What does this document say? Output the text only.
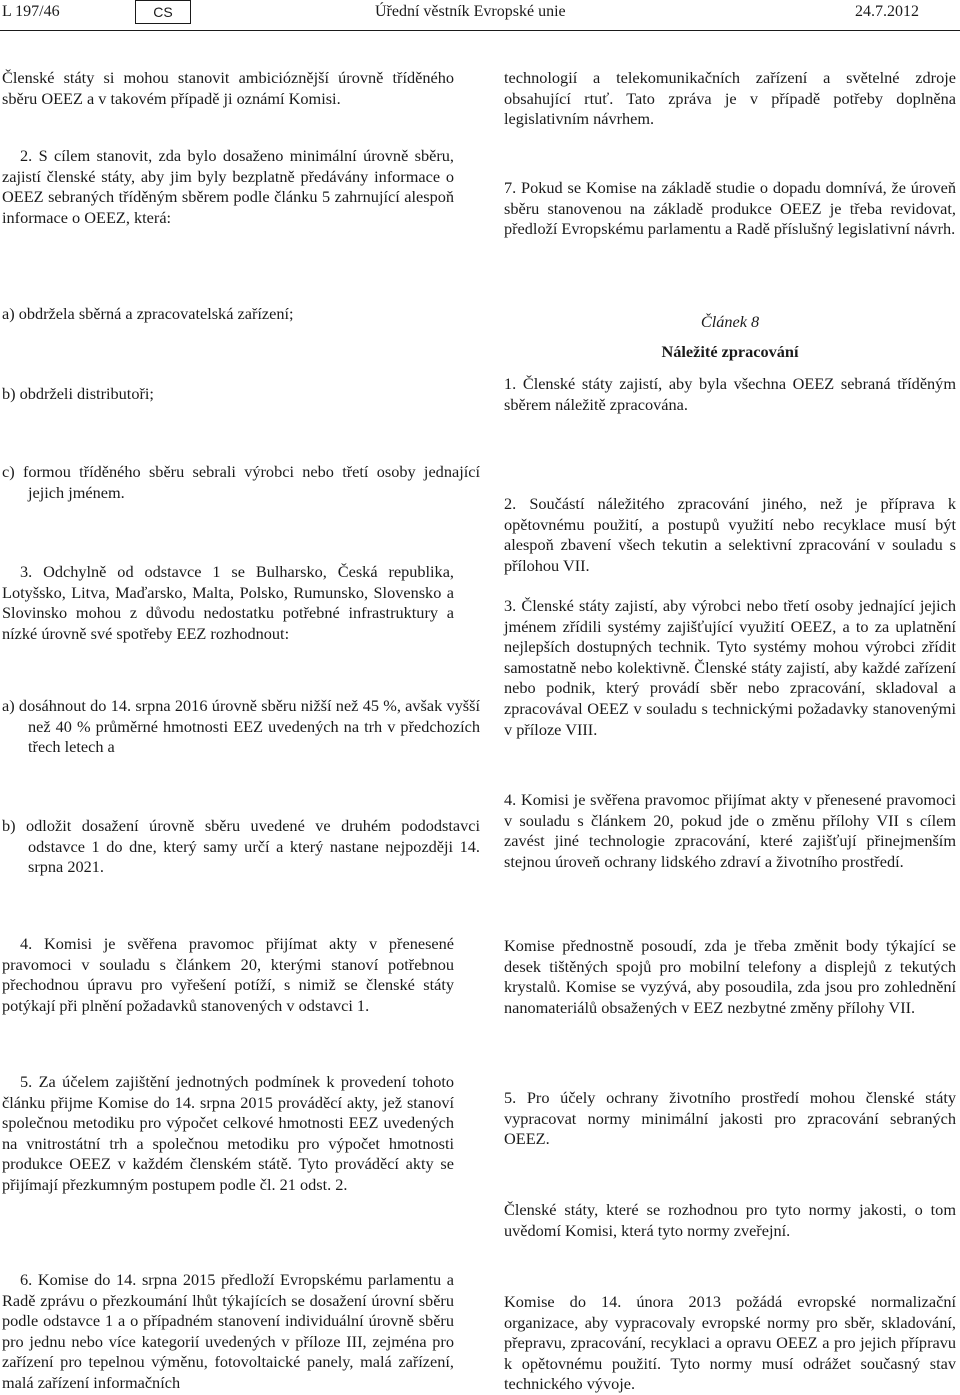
L 197/46	CS	Úřední věstník Evropské unie	24.7.2012
Členské státy si mohou stanovit ambicióznější úrovně tříděného sběru OEEZ a v takovém případě ji oznámí Komisi.
2. S cílem stanovit, zda bylo dosaženo minimální úrovně sběru, zajistí členské státy, aby jim byly bezplatně předávány informace o OEEZ sebraných tříděným sběrem podle článku 5 zahrnující alespoň informace o OEEZ, která:
a) obdržela sběrná a zpracovatelská zařízení;
b) obdrželi distributoři;
c) formou tříděného sběru sebrali výrobci nebo třetí osoby jednající jejich jménem.
3. Odchylně od odstavce 1 se Bulharsko, Česká republika, Lotyšsko, Litva, Maďarsko, Malta, Polsko, Rumunsko, Slovensko a Slovinsko mohou z důvodu nedostatku potřebné infrastruktury a nízké úrovně své spotřeby EEZ rozhodnout:
a) dosáhnout do 14. srpna 2016 úrovně sběru nižší než 45 %, avšak vyšší než 40 % průměrné hmotnosti EEZ uvedených na trh v předchozích třech letech a
b) odložit dosažení úrovně sběru uvedené ve druhém pododstavci odstavce 1 do dne, který samy určí a který nastane nejpozději 14. srpna 2021.
4. Komisi je svěřena pravomoc přijímat akty v přenesené pravomoci v souladu s článkem 20, kterými stanoví potřebnou přechodnou úpravu pro vyřešení potíží, s nimiž se členské státy potýkají při plnění požadavků stanovených v odstavci 1.
5. Za účelem zajištění jednotných podmínek k provedení tohoto článku přijme Komise do 14. srpna 2015 prováděcí akty, jež stanoví společnou metodiku pro výpočet celkové hmotnosti EEZ uvedených na vnitrostátní trh a společnou metodiku pro výpočet hmotnosti produkce OEEZ v každém členském státě. Tyto prováděcí akty se přijímají přezkumným postupem podle čl. 21 odst. 2.
6. Komise do 14. srpna 2015 předloží Evropskému parlamentu a Radě zprávu o přezkoumání lhůt týkajících se dosažení úrovní sběru podle odstavce 1 a o případném stanovení individuální úrovně sběru pro jednu nebo více kategorií uvedených v příloze III, zejména pro zařízení pro tepelnou výměnu, fotovoltaické panely, malá zařízení, malá zařízení informačních
technologií a telekomunikačních zařízení a světelné zdroje obsahující rtuť. Tato zpráva je v případě potřeby doplněna legislativním návrhem.
7. Pokud se Komise na základě studie o dopadu domnívá, že úroveň sběru stanovenou na základě produkce OEEZ je třeba revidovat, předloží Evropskému parlamentu a Radě příslušný legislativní návrh.
Článek 8
Náležité zpracování
1. Členské státy zajistí, aby byla všechna OEEZ sebraná tříděným sběrem náležitě zpracována.
2. Součástí náležitého zpracování jiného, než je příprava k opětovnému použití, a postupů využití nebo recyklace musí být alespoň zbavení všech tekutin a selektivní zpracování v souladu s přílohou VII.
3. Členské státy zajistí, aby výrobci nebo třetí osoby jednající jejich jménem zřídili systémy zajišťující využití OEEZ, a to za uplatnění nejlepších dostupných technik. Tyto systémy mohou výrobci zřídit samostatně nebo kolektivně. Členské státy zajistí, aby každé zařízení nebo podnik, který provádí sběr nebo zpracování, skladoval a zpracovával OEEZ v souladu s technickými požadavky stanovenými v příloze VIII.
4. Komisi je svěřena pravomoc přijímat akty v přenesené pravomoci v souladu s článkem 20, pokud jde o změnu přílohy VII s cílem zavést jiné technologie zpracování, které zajišťují přinejmenším stejnou úroveň ochrany lidského zdraví a životního prostředí.
Komise přednostně posoudí, zda je třeba změnit body týkající se desek tištěných spojů pro mobilní telefony a displejů z tekutých krystalů. Komise se vyzývá, aby posoudila, zda jsou pro zohlednění nanomateriálů obsažených v EEZ nezbytné změny přílohy VII.
5. Pro účely ochrany životního prostředí mohou členské státy vypracovat normy minimální jakosti pro zpracování sebraných OEEZ.
Členské státy, které se rozhodnou pro tyto normy jakosti, o tom uvědomí Komisi, která tyto normy zveřejní.
Komise do 14. února 2013 požádá evropské normalizační organizace, aby vypracovaly evropské normy pro sběr, skladování, přepravu, zpracování, recyklaci a opravu OEEZ a pro jejich přípravu k opětovnému použití. Tyto normy musí odrážet současný stav technického vývoje.
